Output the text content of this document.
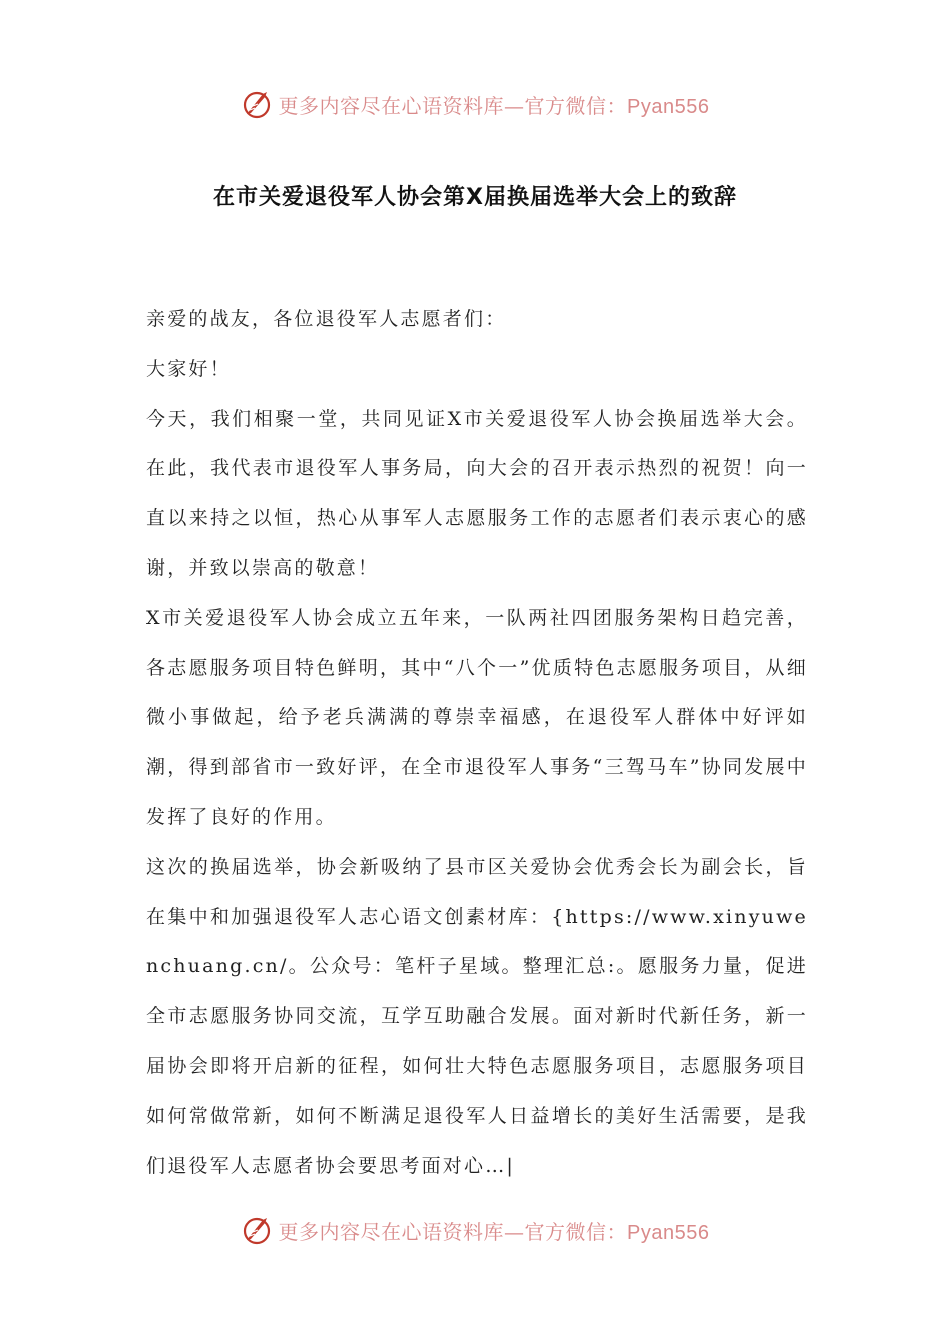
更多内容尽在心语资料库—官方微信：Pyan556
在市关爱退役军人协会第X届换届选举大会上的致辞

亲爱的战友，各位退役军人志愿者们：

大家好！

今天，我们相聚一堂，共同见证X市关爱退役军人协会换届选举大会。在此，我代表市退役军人事务局，向大会的召开表示热烈的祝贺！向一直以来持之以恒，热心从事军人志愿服务工作的志愿者们表示衷心的感谢，并致以崇高的敬意！

X市关爱退役军人协会成立五年来，一队两社四团服务架构日趋完善，各志愿服务项目特色鲜明，其中“八个一”优质特色志愿服务项目，从细微小事做起，给予老兵满满的尊崇幸福感，在退役军人群体中好评如潮，得到部省市一致好评，在全市退役军人事务“三驾马车”协同发展中发挥了良好的作用。

这次的换届选举，协会新吸纳了县市区关爱协会优秀会长为副会长，旨在集中和加强退役军人志心语文创素材库：{https://www.xinyuwenchuang.cn/。公众号：笔杆子星域。整理汇总:。愿服务力量，促进全市志愿服务协同交流，互学互助融合发展。面对新时代新任务，新一届协会即将开启新的征程，如何壮大特色志愿服务项目，志愿服务项目如何常做常新，如何不断满足退役军人日益增长的美好生活需要，是我们退役军人志愿者协会要思考面对心…|

更多内容尽在心语资料库—官方微信：Pyan556
